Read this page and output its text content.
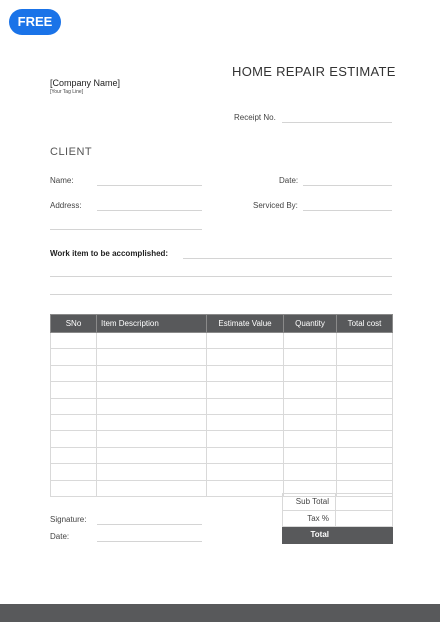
FREE
[Company Name]
[Your Tag Line]
HOME REPAIR ESTIMATE
Receipt No.
CLIENT
Name:	Date:
Address:	Serviced By:
Work item to be accomplished:
SNo	Item Description	Estimate Value	Quantity	Total cost

Sub Total	
Tax %	
Total	
Signature:
Date:
